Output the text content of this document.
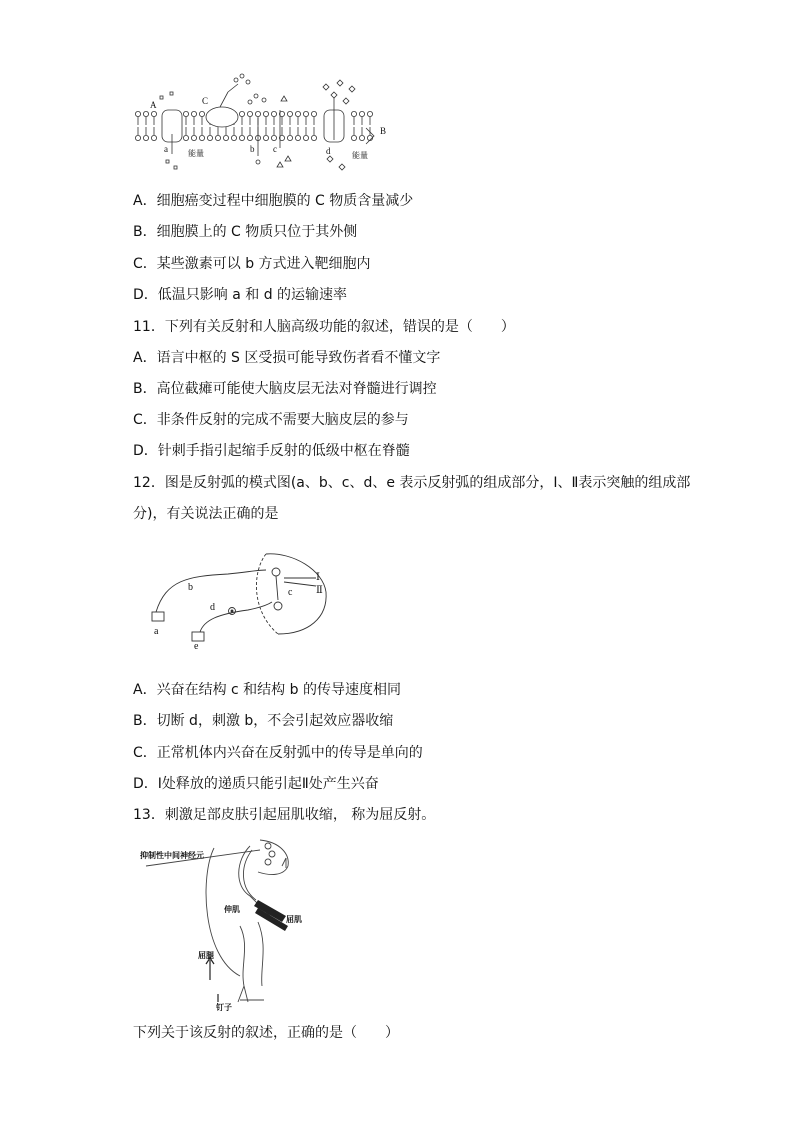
A
B
C
a	b c	d
能量	能量
A．细胞癌变过程中细胞膜的 C 物质含量减少
B．细胞膜上的 C 物质只位于其外侧
C．某些激素可以 b 方式进入靶细胞内
D．低温只影响 a 和 d 的运输速率
11．下列有关反射和人脑高级功能的叙述，错误的是（　　）
A．语言中枢的 S 区受损可能导致伤者看不懂文字
B．高位截瘫可能使大脑皮层无法对脊髓进行调控
C．非条件反射的完成不需要大脑皮层的参与
D．针刺手指引起缩手反射的低级中枢在脊髓
12．图是反射弧的模式图(a、b、c、d、e 表示反射弧的组成部分，Ⅰ、Ⅱ表示突触的组成部
分)，有关说法正确的是
a
b	c
d
e
Ⅰ
Ⅱ
A．兴奋在结构 c 和结构 b 的传导速度相同
B．切断 d，刺激 b，不会引起效应器收缩
C．正常机体内兴奋在反射弧中的传导是单向的
D．Ⅰ处释放的递质只能引起Ⅱ处产生兴奋
13．刺激足部皮肤引起屈肌收缩， 称为屈反射。
抑制性中间神经元
伸肌
屈肌
屈腿
钉子
下列关于该反射的叙述，正确的是（　　）
